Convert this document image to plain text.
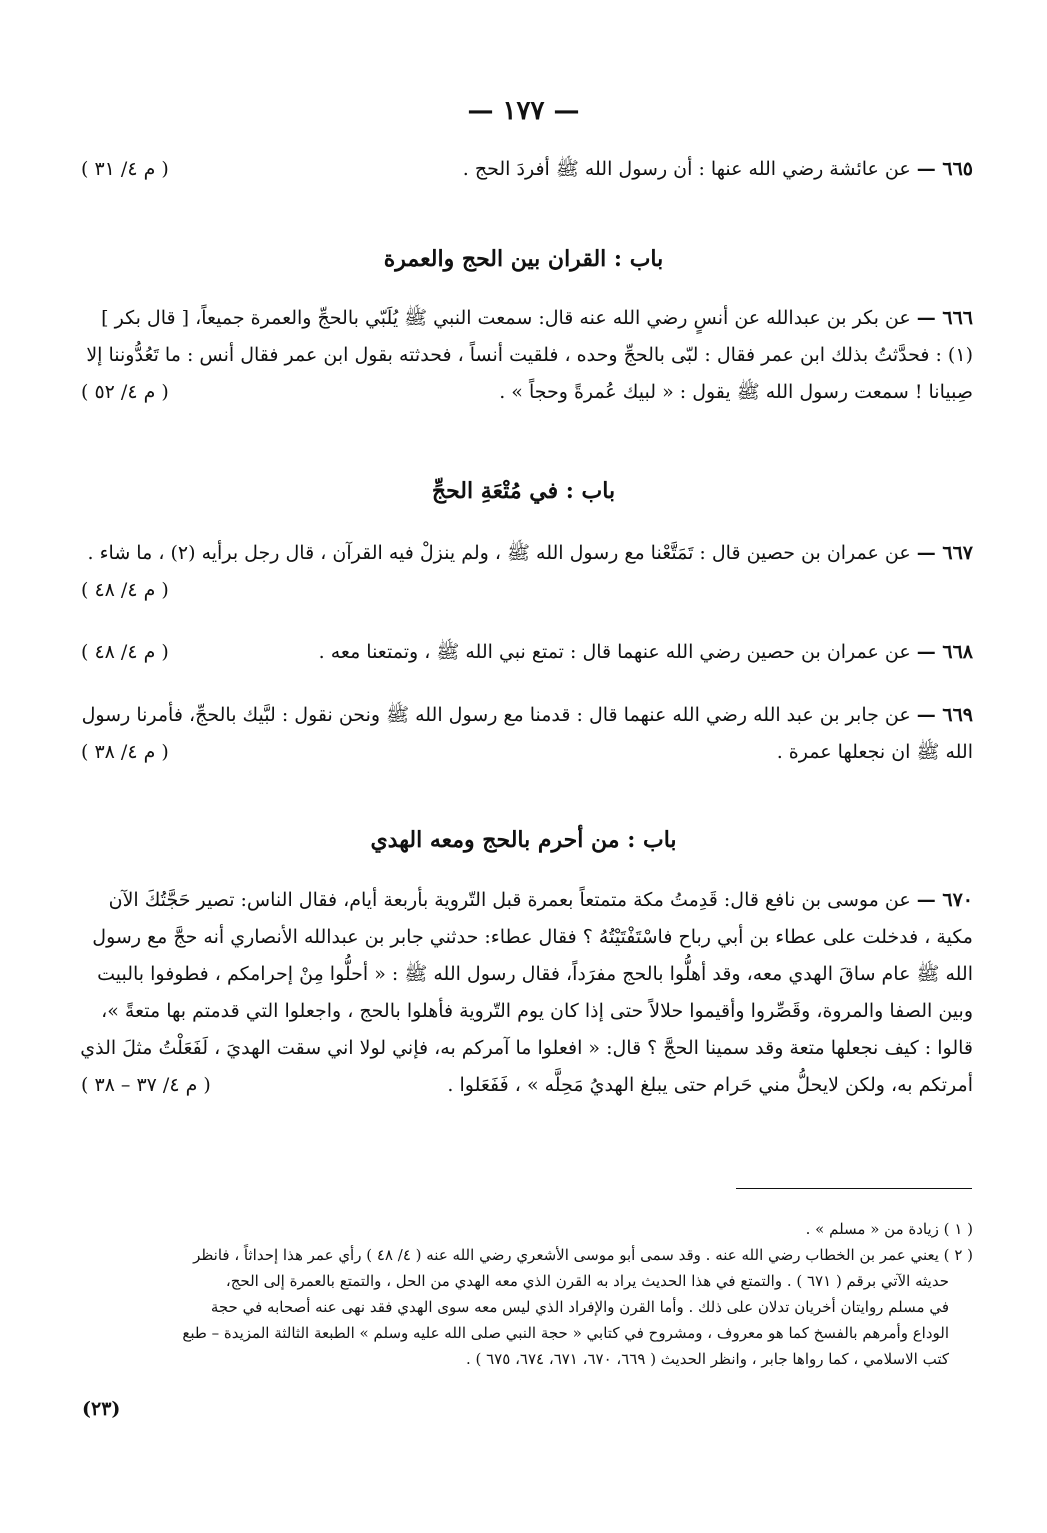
— ١٧٧ —
( م ٤/ ٣١ )	٦٦٥ — عن عائشة رضي الله عنها : أن رسول الله ﷺ أفردَ الحج .
باب : القران بين الحج والعمرة
٦٦٦ — عن بكر بن عبدالله عن أنسٍ رضي الله عنه قال: سمعت النبي ﷺ يُلَبّي بالحجِّ والعمرة جميعاً، [ قال بكر ] (١) : فحدَّثتُ بذلك ابن عمر فقال : لبّى بالحجِّ وحده ، فلقيت أنساً ، فحدثته بقول ابن عمر فقال أنس : ما تَعُدُّوننا إلا صِبيانا ! سمعت رسول الله ﷺ يقول : « لبيك عُمرةً وحجاً » .
( م ٤/ ٥٢ )
باب : في مُتْعَةِ الحجِّ
٦٦٧ — عن عمران بن حصين قال : تَمَتَّعْنا مع رسول الله ﷺ ، ولم ينزلْ فيه القرآن ، قال رجل برأيه (٢) ، ما شاء .
( م ٤/ ٤٨ )
( م ٤/ ٤٨ )	٦٦٨ — عن عمران بن حصين رضي الله عنهما قال : تمتع نبي الله ﷺ ، وتمتعنا معه .
٦٦٩ — عن جابر بن عبد الله رضي الله عنهما قال : قدمنا مع رسول الله ﷺ ونحن نقول : لبَّيك بالحجِّ، فأمرنا رسول الله ﷺ ان نجعلها عمرة .
( م ٤/ ٣٨ )
باب : من أحرم بالحج ومعه الهدي
٦٧٠ — عن موسى بن نافع قال: قَدِمتُ مكة متمتعاً بعمرة قبل التّروية بأربعة أيام، فقال الناس: تصير حَجَّتُكَ الآن مكية ، فدخلت على عطاء بن أبي رباح فاسْتَفْتَيْتُهُ ؟ فقال عطاء: حدثني جابر بن عبدالله الأنصاري أنه حجَّ مع رسول الله ﷺ عام ساقَ الهدي معه، وقد أهلُّوا بالحج مفرَداً، فقال رسول الله ﷺ : « أحلُّوا مِنْ إحرامكم ، فطوفوا بالبيت وبين الصفا والمروة، وقَصِّروا وأقيموا حلالاً حتى إذا كان يوم التّروية فأهلوا بالحج ، واجعلوا التي قدمتم بها متعةً »، قالوا : كيف نجعلها متعة وقد سمينا الحجَّ ؟ قال: « افعلوا ما آمركم به، فإني لولا اني سقت الهديَ ، لَفَعَلْتُ مثلَ الذي أمرتكم به، ولكن لايحلُّ مني حَرام حتى يبلغ الهديُ مَحِلَّه » ، فَفَعَلوا .
( م ٤/ ٣٧ – ٣٨ )

( ١ ) زيادة من « مسلم » .

( ٢ ) يعني عمر بن الخطاب رضي الله عنه . وقد سمى أبو موسى الأشعري رضي الله عنه ( ٤/ ٤٨ ) رأي عمر هذا إحداثاً ، فانظر

حديثه الآتي برقم ( ٦٧١ ) . والتمتع في هذا الحديث يراد به القرن الذي معه الهدي من الحل ، والتمتع بالعمرة إلى الحج،

في مسلم روايتان أخريان تدلان على ذلك . وأما القرن والإفراد الذي ليس معه سوى الهدي فقد نهى عنه أصحابه في حجة

الوداع وأمرهم بالفسخ كما هو معروف ، ومشروح في كتابي « حجة النبي صلى الله عليه وسلم » الطبعة الثالثة المزيدة – طبع

كتب الاسلامي ، كما رواها جابر ، وانظر الحديث ( ٦٦٩، ٦٧٠، ٦٧١، ٦٧٤، ٦٧٥ ) .

(٢٣)
